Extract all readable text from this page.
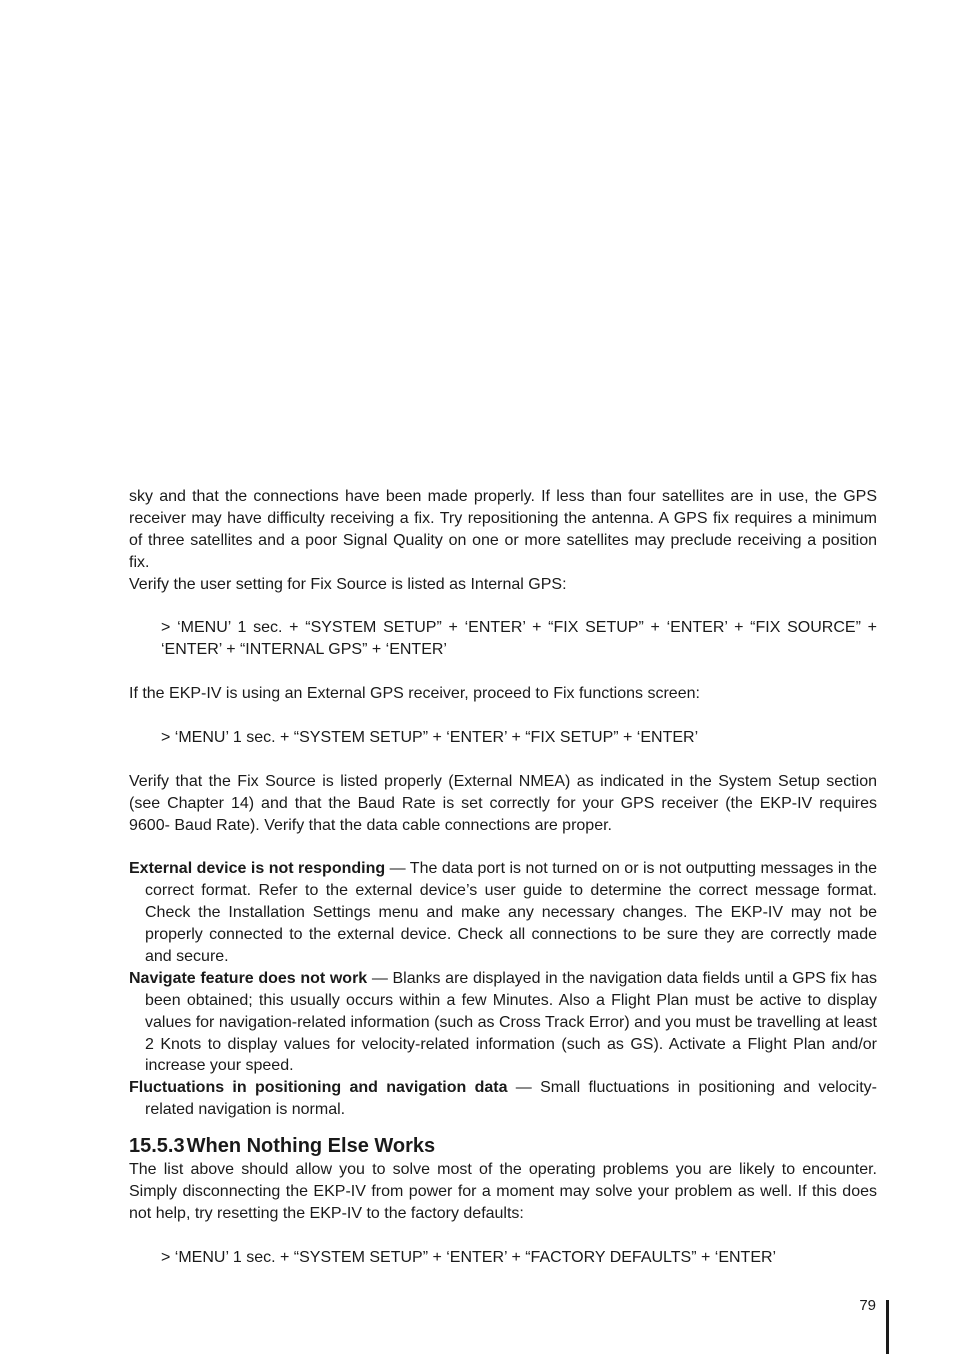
sky and that the connections have been made properly. If less than four satellites are in use, the GPS receiver may have difficulty receiving a fix. Try repositioning the antenna. A GPS fix requires a minimum of three satellites and a poor Signal Quality on one or more satellites may preclude receiving a position fix.

Verify the user setting for Fix Source is listed as Internal GPS:

> ‘MENU’ 1 sec. + “SYSTEM SETUP” + ‘ENTER’ + “FIX SETUP” + ‘ENTER’ + “FIX SOURCE” + ‘ENTER’ + “INTERNAL GPS” + ‘ENTER’

If the EKP-IV is using an External GPS receiver, proceed to Fix functions screen:

> ‘MENU’ 1 sec. + “SYSTEM SETUP” + ‘ENTER’ + “FIX SETUP” + ‘ENTER’

Verify that the Fix Source is listed properly (External NMEA) as indicated in the System Setup section (see Chapter 14) and that the Baud Rate is set correctly for your GPS receiver (the EKP-IV requires 9600- Baud Rate). Verify that the data cable connections are proper.

External device is not responding — The data port is not turned on or is not outputting messages in the correct format. Refer to the external device’s user guide to determine the correct message format. Check the Installation Settings menu and make any necessary changes. The EKP-IV may not be properly connected to the external device. Check all connections to be sure they are correctly made and secure.

Navigate feature does not work — Blanks are displayed in the navigation data fields until a GPS fix has been obtained; this usually occurs within a few Minutes. Also a Flight Plan must be active to display values for navigation-related information (such as Cross Track Error) and you must be travelling at least 2 Knots to display values for velocity-related information (such as GS). Activate a Flight Plan and/or increase your speed.

Fluctuations in positioning and navigation data — Small fluctuations in positioning and velocity-related navigation is normal.

15.5.3 When Nothing Else Works

The list above should allow you to solve most of the operating problems you are likely to encounter. Simply disconnecting the EKP-IV from power for a moment may solve your problem as well. If this does not help, try resetting the EKP-IV to the factory defaults:

> ‘MENU’ 1 sec. + “SYSTEM SETUP” + ‘ENTER’ + “FACTORY DEFAULTS” + ‘ENTER’

79
